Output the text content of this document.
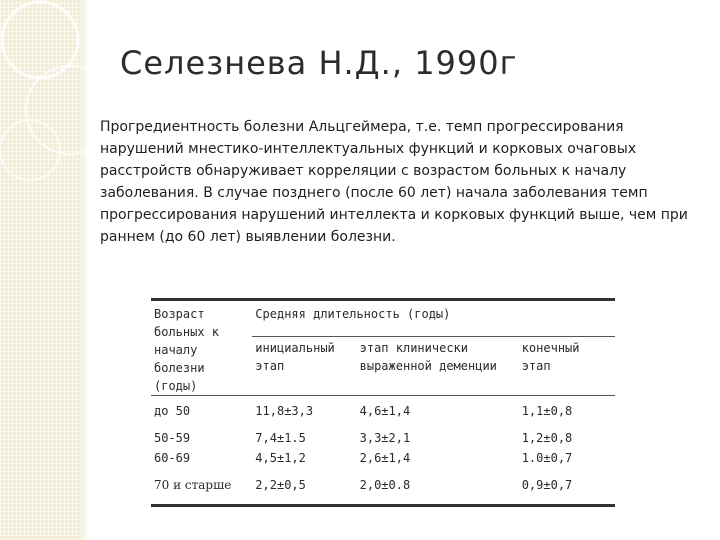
Селезнева Н.Д., 1990г

Прогредиентность болезни Альцгеймера, т.е. темп прогрессирования нарушений мнестико-интеллектуальных функций и корковых очаговых расстройств обнаруживает корреляции с возрастом больных к началу заболевания. В случае позднего (после 60 лет) начала заболевания темп прогрессирования нарушений интеллекта и корковых функций выше, чем при раннем (до 60 лет) выявлении болезни.

Возраст больных к началу болезни (годы)	Средняя длительность (годы)		
	инициальный этап	этап клинически выраженной деменции	конечный этап
до 50	11,8±3,3	4,6±1,4	1,1±0,8
50-59	7,4±1.5	3,3±2,1	1,2±0,8
60-69	4,5±1,2	2,6±1,4	1.0±0,7
70 и старше	2,2±0,5	2,0±0.8	0,9±0,7
